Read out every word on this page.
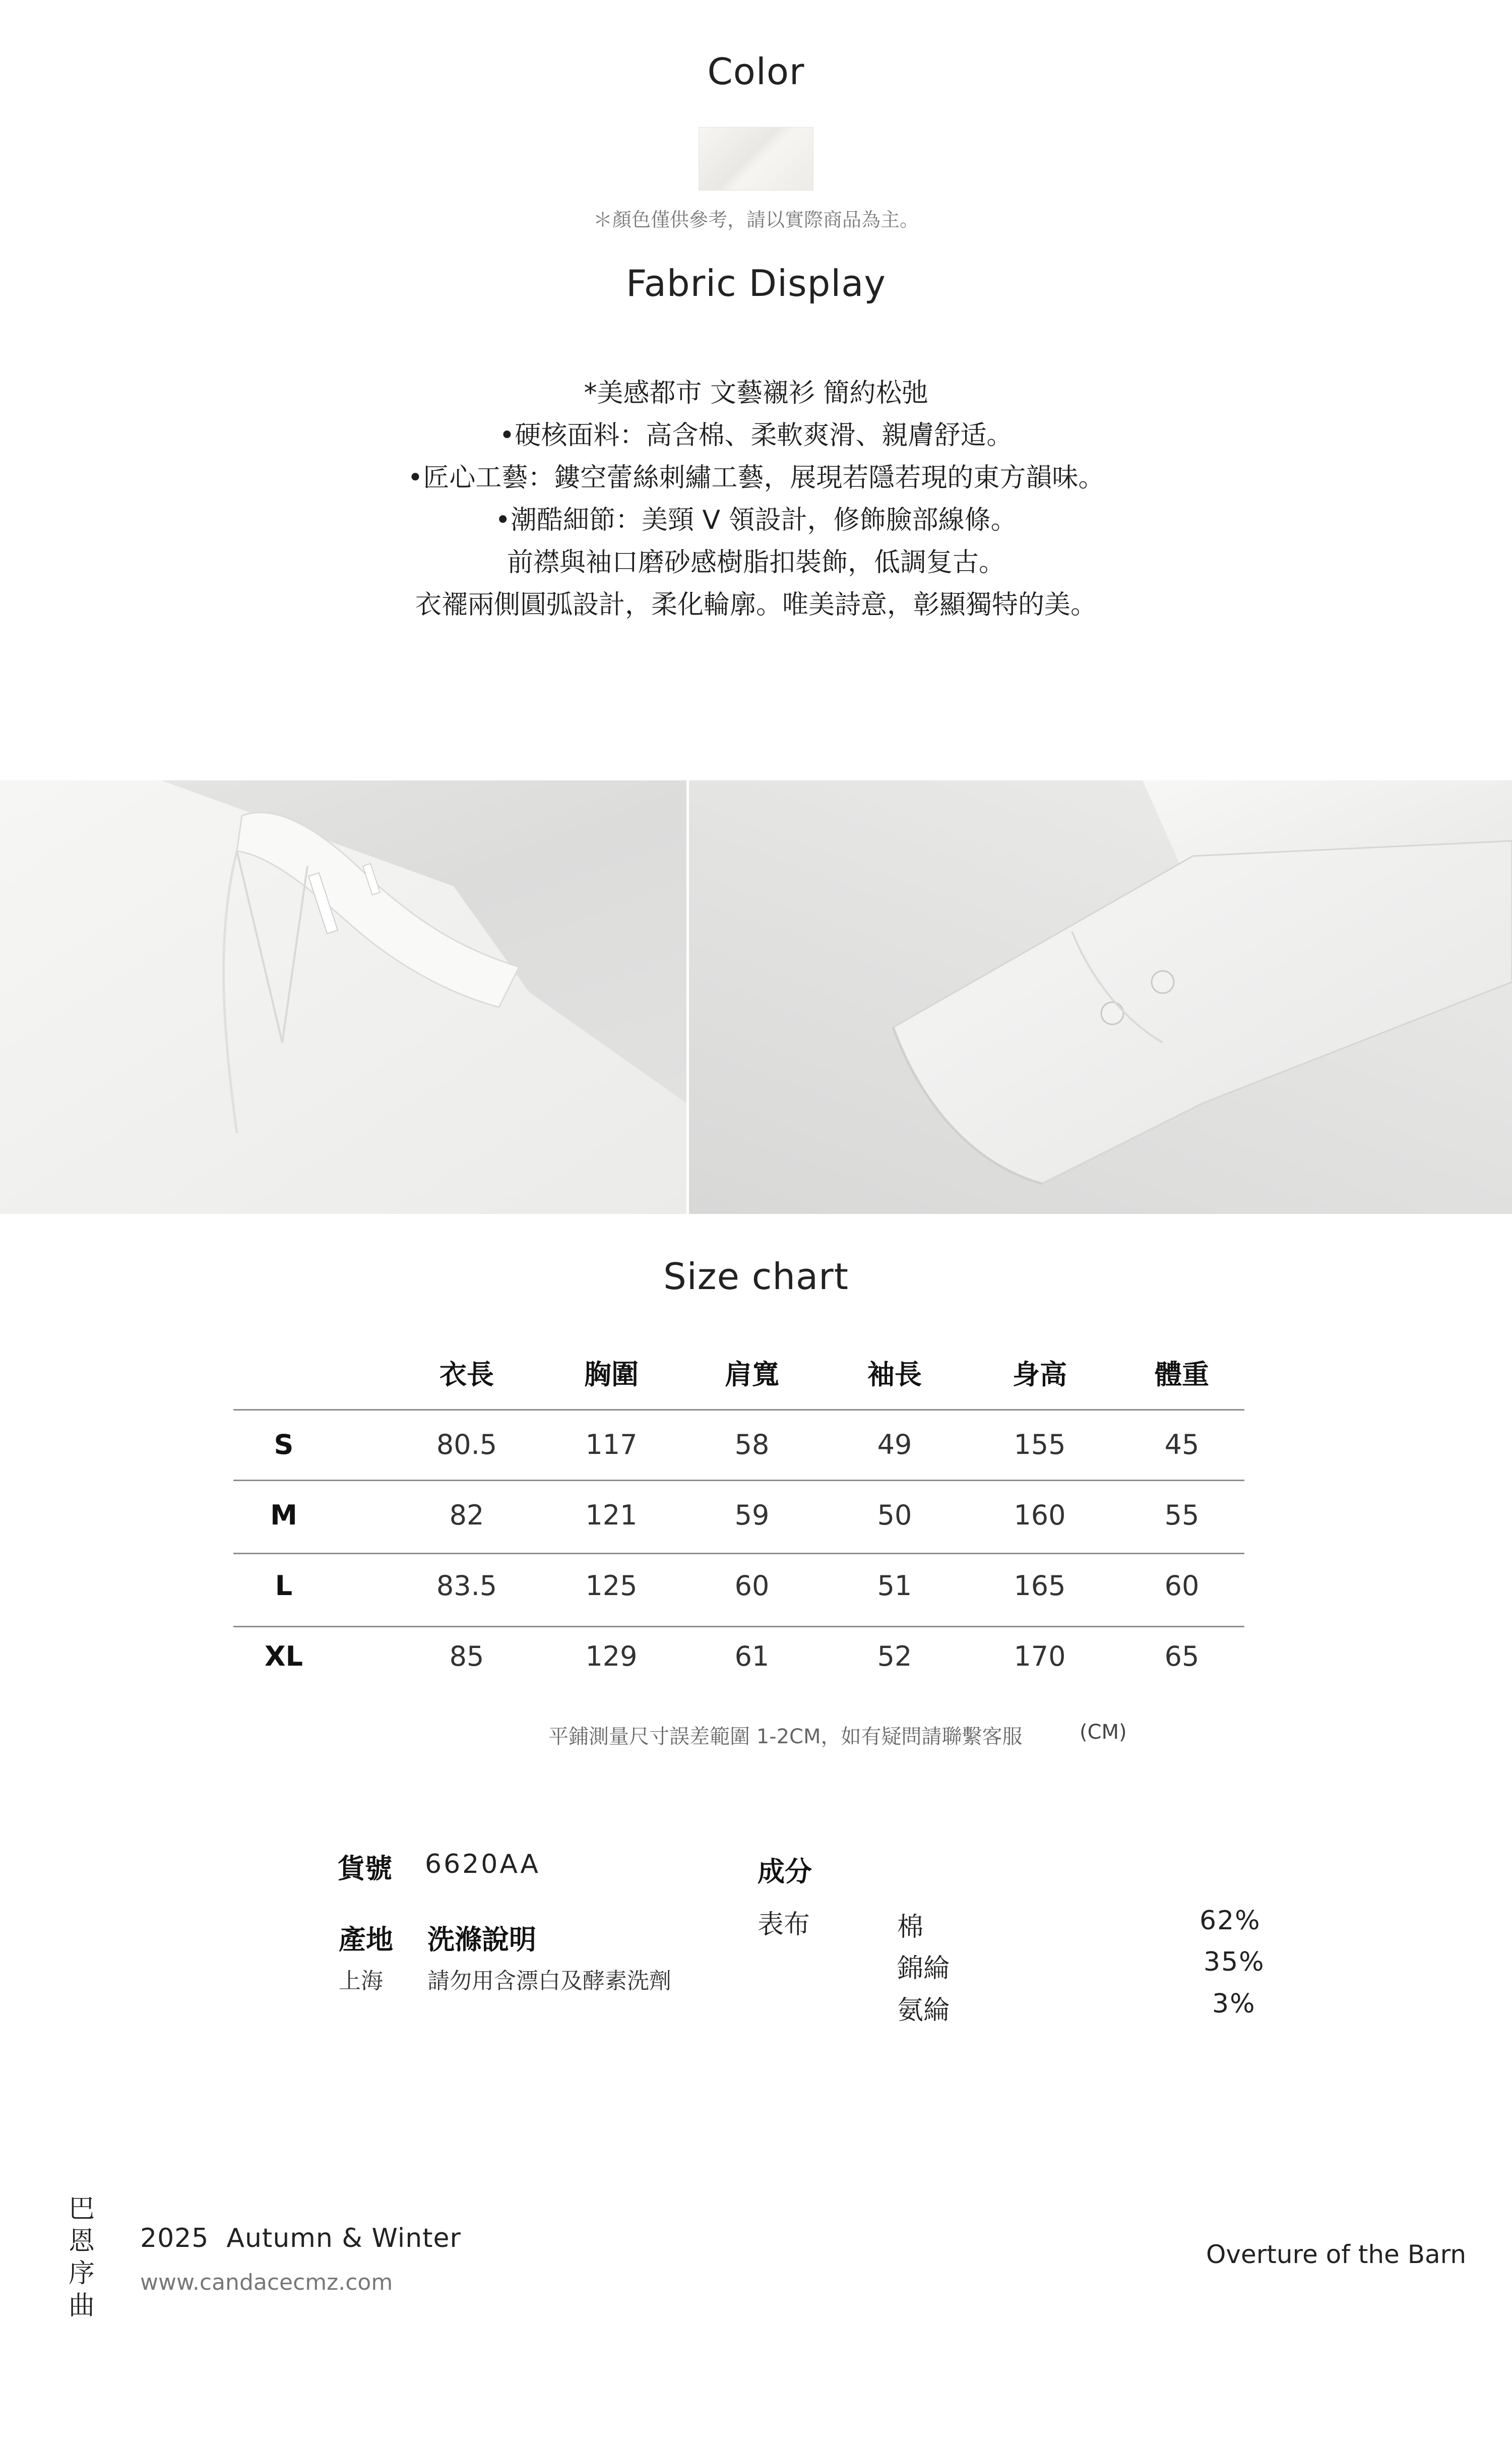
Color
＊顏色僅供參考，請以實際商品為主。
Fabric Display
*美感都市 文藝襯衫 簡約松弛
•硬核面料：高含棉、柔軟爽滑、親膚舒适。
•匠心工藝：鏤空蕾絲刺繡工藝，展現若隱若現的東方韻味。
•潮酷細節：美頸 V 領設計，修飾臉部線條。
前襟與袖口磨砂感樹脂扣裝飾，低調复古。
衣襬兩側圓弧設計，柔化輪廓。唯美詩意，彰顯獨特的美。
Size chart
衣長	胸圍	肩寬	袖長	身高	體重
S	80.5	117	58	49	155	45
M	82	121	59	50	160	55
L	83.5	125	60	51	165	60
XL	85	129	61	52	170	65
平鋪測量尺寸誤差範圍 1-2CM，如有疑問請聯繫客服	(CM)
貨號 6620AA
產地 洗滌說明
上海 請勿用含漂白及酵素洗劑
成分
表布	棉	62%
錦綸	35%
氨綸	3%
巴
恩
序
曲
2025  Autumn & Winter
www.candacecmz.com
Overture of the Barn
